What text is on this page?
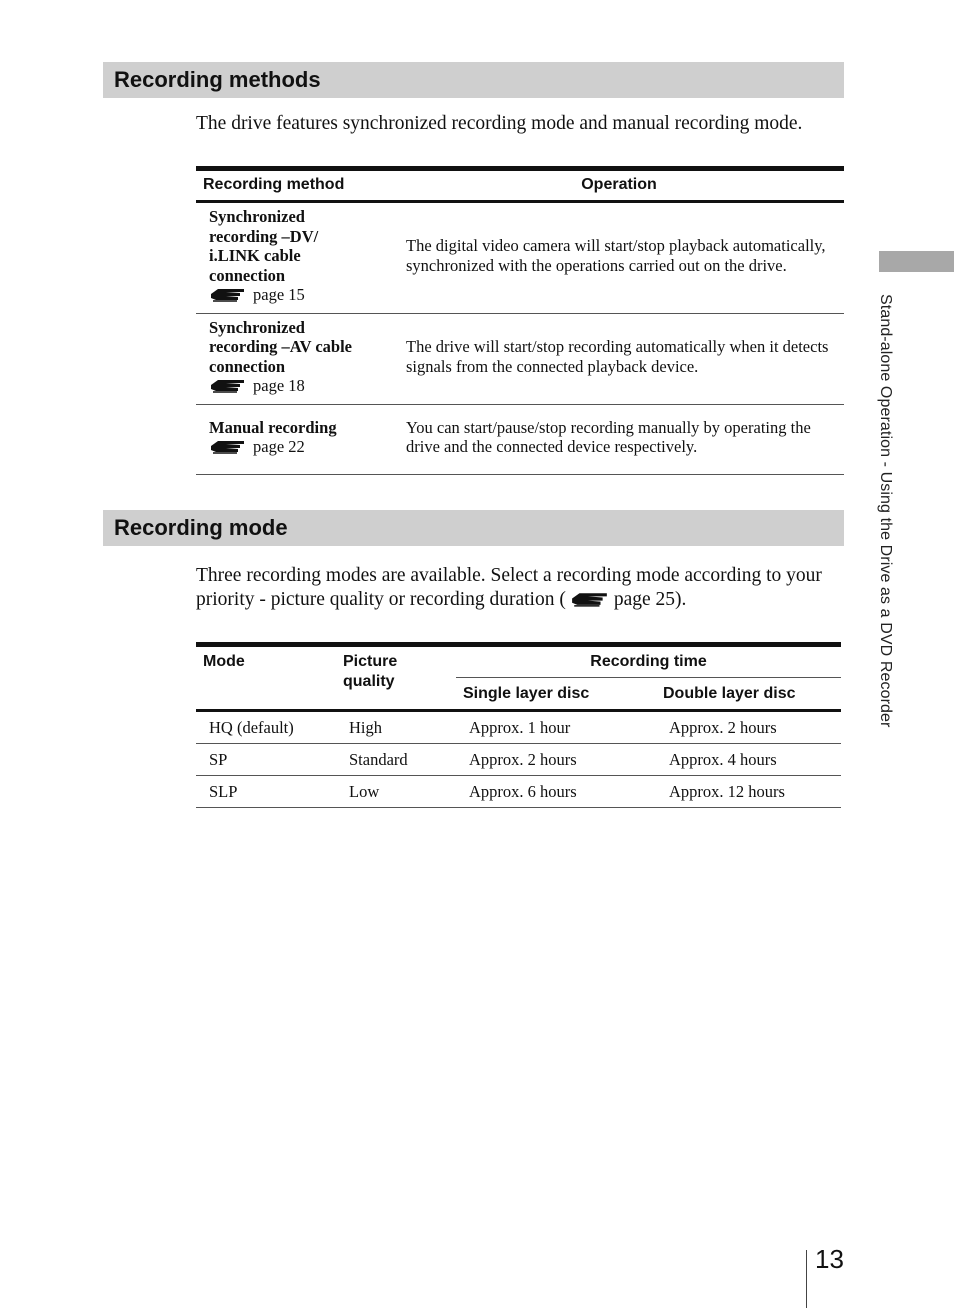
Recording methods
The drive features synchronized recording mode and manual recording mode.
Recording method	Operation
Synchronized
recording –DV/
i.LINK cable
connection
page 15	The digital video camera will start/stop playback automatically, synchronized with the operations carried out on the drive.
Synchronized
recording –AV cable
connection
page 18	The drive will start/stop recording automatically when it detects signals from the connected playback device.
Manual recording
page 22	You can start/pause/stop recording manually by operating the drive and the connected device respectively.
Recording mode
Three recording modes are available. Select a recording mode according to your priority - picture quality or recording duration ( page 25).
Mode	Picture quality	Recording time	
		Single layer disc	Double layer disc
HQ (default)	High	Approx. 1 hour	Approx. 2 hours
SP	Standard	Approx. 2 hours	Approx. 4 hours
SLP	Low	Approx. 6 hours	Approx. 12 hours
Stand-alone Operation - Using the Drive as a DVD Recorder
13
